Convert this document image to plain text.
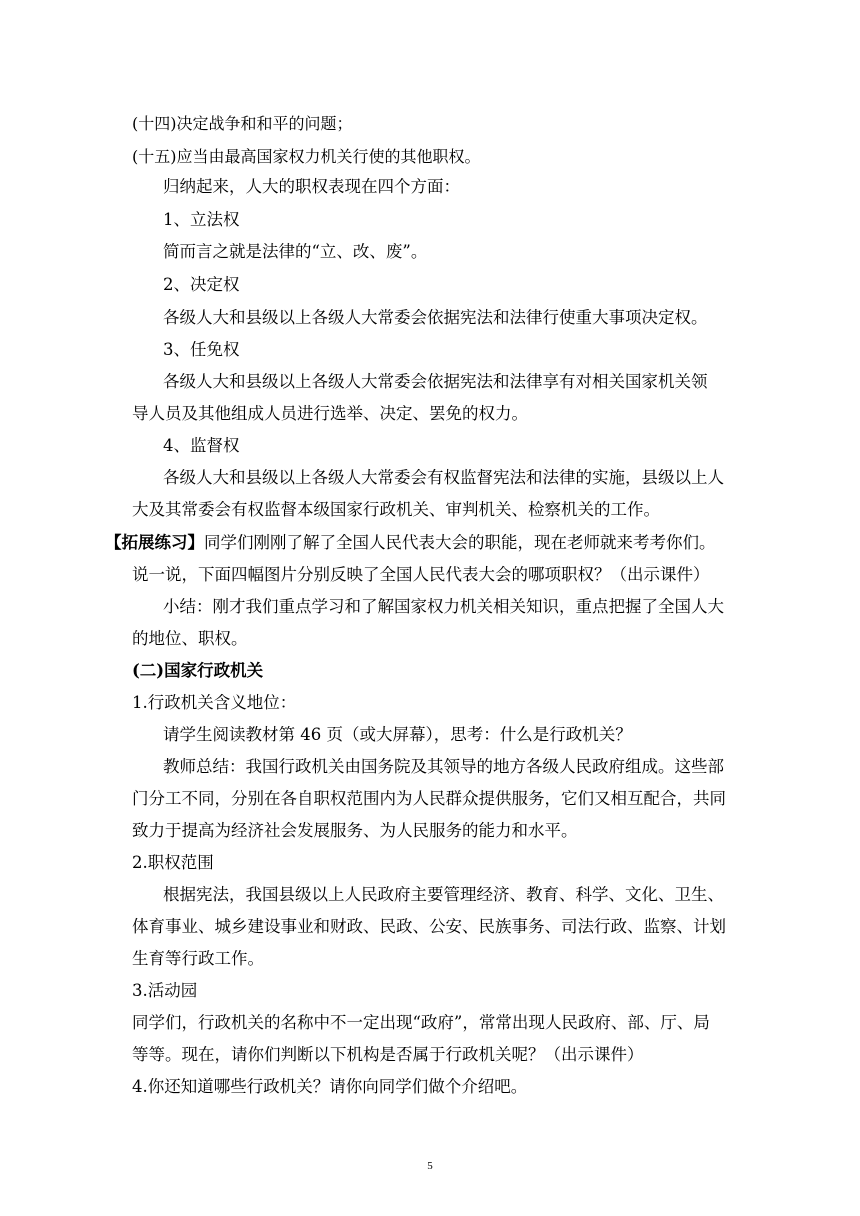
(十四)决定战争和和平的问题；
(十五)应当由最高国家权力机关行使的其他职权。
归纳起来，人大的职权表现在四个方面：
1、立法权
简而言之就是法律的“立、改、废”。
2、决定权
各级人大和县级以上各级人大常委会依据宪法和法律行使重大事项决定权。
3、任免权
各级人大和县级以上各级人大常委会依据宪法和法律享有对相关国家机关领
导人员及其他组成人员进行选举、决定、罢免的权力。
4、监督权
各级人大和县级以上各级人大常委会有权监督宪法和法律的实施，县级以上人
大及其常委会有权监督本级国家行政机关、审判机关、检察机关的工作。
【拓展练习】同学们刚刚了解了全国人民代表大会的职能，现在老师就来考考你们。
说一说，下面四幅图片分别反映了全国人民代表大会的哪项职权？（出示课件）
小结：刚才我们重点学习和了解国家权力机关相关知识，重点把握了全国人大
的地位、职权。
(二)国家行政机关
1.行政机关含义地位：
请学生阅读教材第 46 页（或大屏幕），思考：什么是行政机关？
教师总结：我国行政机关由国务院及其领导的地方各级人民政府组成。这些部
门分工不同，分别在各自职权范围内为人民群众提供服务，它们又相互配合，共同
致力于提高为经济社会发展服务、为人民服务的能力和水平。
2.职权范围
根据宪法，我国县级以上人民政府主要管理经济、教育、科学、文化、卫生、
体育事业、城乡建设事业和财政、民政、公安、民族事务、司法行政、监察、计划
生育等行政工作。
3.活动园
同学们，行政机关的名称中不一定出现“政府”，常常出现人民政府、部、厅、局
等等。现在，请你们判断以下机构是否属于行政机关呢？（出示课件）
4.你还知道哪些行政机关？请你向同学们做个介绍吧。
5
